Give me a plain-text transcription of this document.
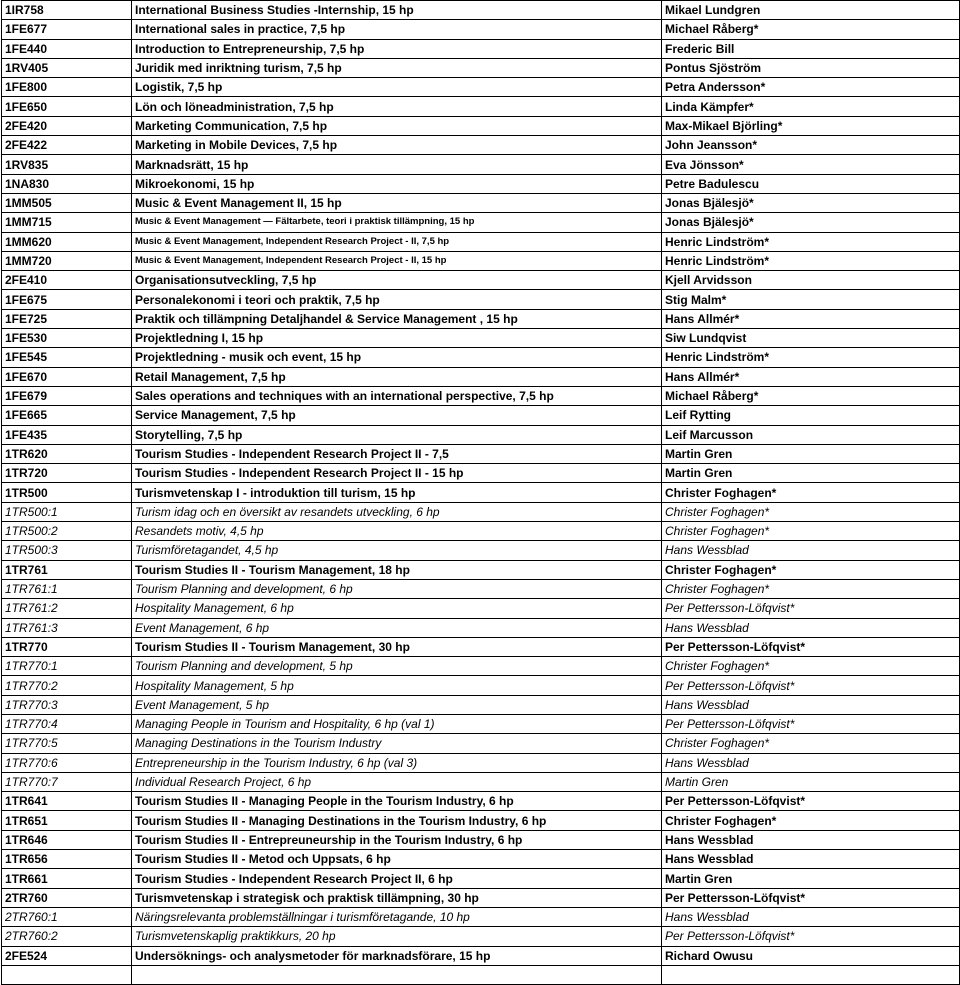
1IR758	International Business Studies -Internship, 15 hp	Mikael Lundgren
1FE677	International sales in practice, 7,5 hp	Michael Råberg*
1FE440	Introduction to Entrepreneurship, 7,5 hp	Frederic Bill
1RV405	Juridik med inriktning turism, 7,5 hp	Pontus Sjöström
1FE800	Logistik, 7,5 hp	Petra Andersson*
1FE650	Lön och löneadministration, 7,5 hp	Linda Kämpfer*
2FE420	Marketing Communication, 7,5 hp	Max-Mikael Björling*
2FE422	Marketing in Mobile Devices, 7,5 hp	John Jeansson*
1RV835	Marknadsrätt, 15 hp	Eva Jönsson*
1NA830	Mikroekonomi, 15 hp	Petre Badulescu
1MM505	Music & Event Management II, 15 hp	Jonas Bjälesjö*
1MM715	Music & Event Management — Fältarbete, teori i praktisk tillämpning, 15 hp	Jonas Bjälesjö*
1MM620	Music & Event Management, Independent Research Project - II, 7,5 hp	Henric Lindström*
1MM720	Music & Event Management, Independent Research Project - II, 15 hp	Henric Lindström*
2FE410	Organisationsutveckling, 7,5 hp	Kjell Arvidsson
1FE675	Personalekonomi i teori och praktik, 7,5 hp	Stig Malm*
1FE725	Praktik och tillämpning Detaljhandel & Service Management , 15 hp	Hans Allmér*
1FE530	Projektledning I, 15 hp	Siw Lundqvist
1FE545	Projektledning - musik och event, 15 hp	Henric Lindström*
1FE670	Retail Management, 7,5 hp	Hans Allmér*
1FE679	Sales operations and techniques with an international perspective, 7,5 hp	Michael Råberg*
1FE665	Service Management, 7,5 hp	Leif Rytting
1FE435	Storytelling, 7,5 hp	Leif Marcusson
1TR620	Tourism Studies - Independent Research Project II - 7,5	Martin Gren
1TR720	Tourism Studies - Independent Research Project II - 15 hp	Martin Gren
1TR500	Turismvetenskap I - introduktion till turism, 15 hp	Christer Foghagen*
1TR500:1	Turism idag och en översikt av resandets utveckling, 6 hp	Christer Foghagen*
1TR500:2	Resandets motiv, 4,5 hp	Christer Foghagen*
1TR500:3	Turismföretagandet, 4,5 hp	Hans Wessblad
1TR761	Tourism Studies II - Tourism Management, 18 hp	Christer Foghagen*
1TR761:1	Tourism Planning and development, 6 hp	Christer Foghagen*
1TR761:2	Hospitality Management, 6 hp	Per Pettersson-Löfqvist*
1TR761:3	Event Management, 6 hp	Hans Wessblad
1TR770	Tourism Studies II - Tourism Management, 30 hp	Per Pettersson-Löfqvist*
1TR770:1	Tourism Planning and development, 5 hp	Christer Foghagen*
1TR770:2	Hospitality Management, 5 hp	Per Pettersson-Löfqvist*
1TR770:3	Event Management, 5 hp	Hans Wessblad
1TR770:4	Managing People in Tourism and Hospitality, 6 hp (val 1)	Per Pettersson-Löfqvist*
1TR770:5	Managing Destinations in the Tourism Industry	Christer Foghagen*
1TR770:6	Entrepreneurship in the Tourism Industry, 6 hp (val 3)	Hans Wessblad
1TR770:7	Individual Research Project, 6 hp	Martin Gren
1TR641	Tourism Studies II - Managing People in the Tourism Industry, 6 hp	Per Pettersson-Löfqvist*
1TR651	Tourism Studies II - Managing Destinations in the Tourism Industry, 6 hp	Christer Foghagen*
1TR646	Tourism Studies II - Entrepreuneurship in the Tourism Industry, 6 hp	Hans Wessblad
1TR656	Tourism Studies II - Metod och Uppsats, 6 hp	Hans Wessblad
1TR661	Tourism Studies - Independent Research Project II, 6 hp	Martin Gren
2TR760	Turismvetenskap i strategisk och praktisk tillämpning, 30 hp	Per Pettersson-Löfqvist*
2TR760:1	Näringsrelevanta problemställningar i turismföretagande, 10 hp	Hans Wessblad
2TR760:2	Turismvetenskaplig praktikkurs, 20 hp	Per Pettersson-Löfqvist*
2FE524	Undersöknings- och analysmetoder för marknadsförare, 15 hp	Richard Owusu
